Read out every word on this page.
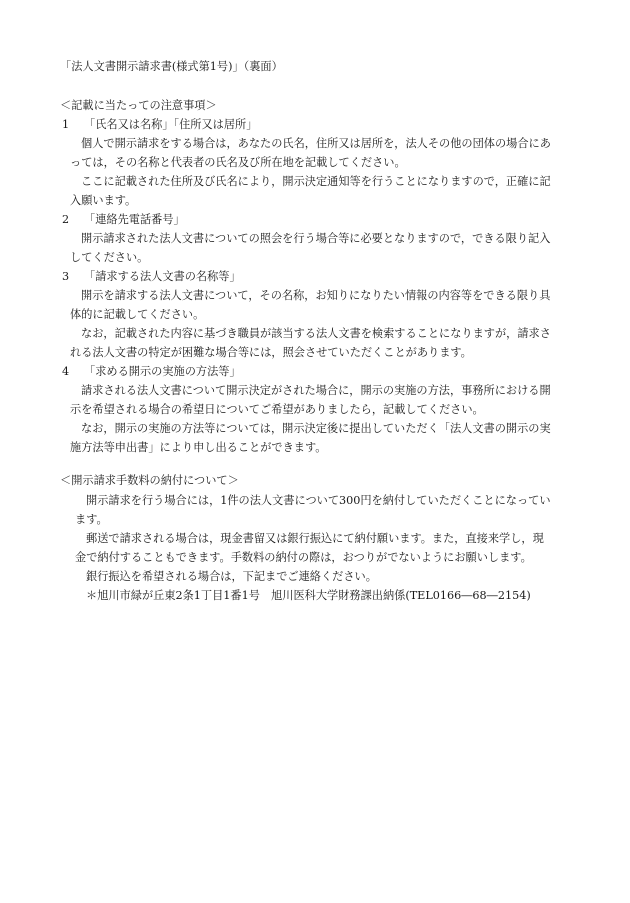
「法人文書開示請求書(様式第1号)」（裏面）
＜記載に当たっての注意事項＞
1 「氏名又は名称」「住所又は居所」
個人で開示請求をする場合は，あなたの氏名，住所又は居所を，法人その他の団体の場合にあ
っては，その名称と代表者の氏名及び所在地を記載してください。
ここに記載された住所及び氏名により，開示決定通知等を行うことになりますので，正確に記
入願います。
2 「連絡先電話番号」
開示請求された法人文書についての照会を行う場合等に必要となりますので，できる限り記入
してください。
3 「請求する法人文書の名称等」
開示を請求する法人文書について，その名称，お知りになりたい情報の内容等をできる限り具
体的に記載してください。
なお，記載された内容に基づき職員が該当する法人文書を検索することになりますが，請求さ
れる法人文書の特定が困難な場合等には，照会させていただくことがあります。
4 「求める開示の実施の方法等」
請求される法人文書について開示決定がされた場合に，開示の実施の方法，事務所における開
示を希望される場合の希望日についてご希望がありましたら，記載してください。
なお，開示の実施の方法等については，開示決定後に提出していただく「法人文書の開示の実
施方法等申出書」により申し出ることができます。
＜開示請求手数料の納付について＞
開示請求を行う場合には，1件の法人文書について300円を納付していただくことになってい
ます。
郵送で請求される場合は，現金書留又は銀行振込にて納付願います。また，直接来学し，現
金で納付することもできます。手数料の納付の際は，おつりがでないようにお願いします。
銀行振込を希望される場合は，下記までご連絡ください。
＊旭川市緑が丘東2条1丁目1番1号　旭川医科大学財務課出納係(TEL0166―68―2154)
